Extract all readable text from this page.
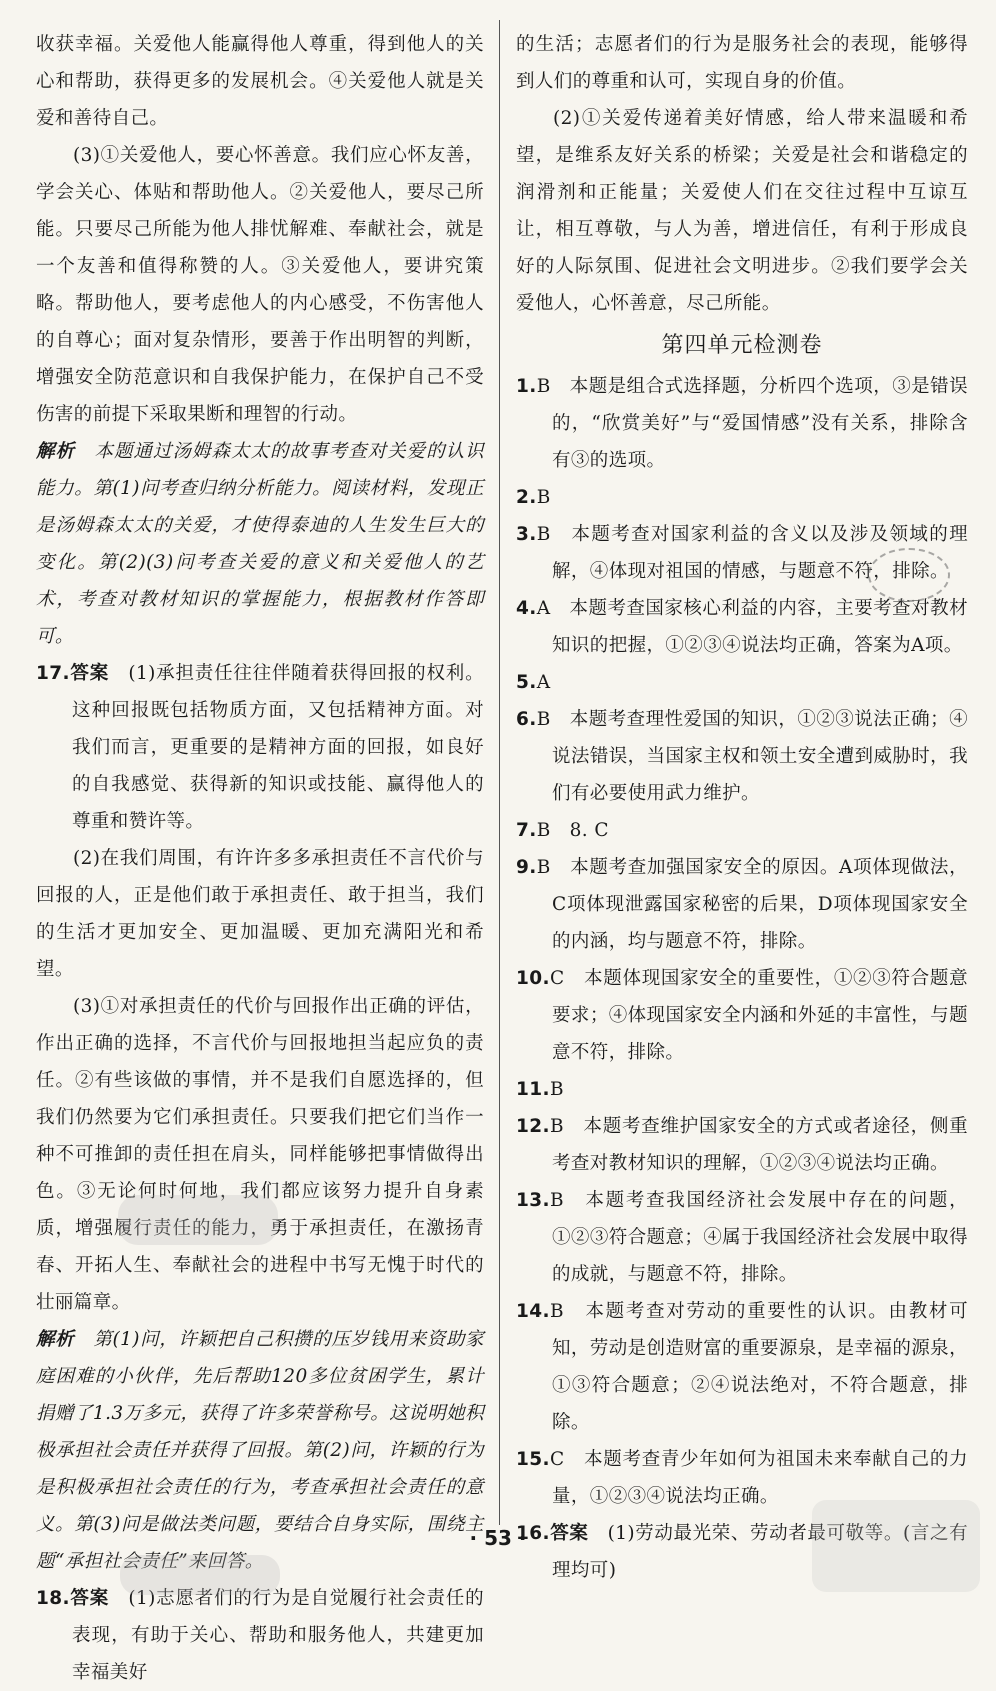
收获幸福。关爱他人能赢得他人尊重，得到他人的关心和帮助，获得更多的发展机会。④关爱他人就是关爱和善待自己。

(3)①关爱他人，要心怀善意。我们应心怀友善，学会关心、体贴和帮助他人。②关爱他人，要尽己所能。只要尽己所能为他人排忧解难、奉献社会，就是一个友善和值得称赞的人。③关爱他人，要讲究策略。帮助他人，要考虑他人的内心感受，不伤害他人的自尊心；面对复杂情形，要善于作出明智的判断，增强安全防范意识和自我保护能力，在保护自己不受伤害的前提下采取果断和理智的行动。

解析　 本题通过汤姆森太太的故事考查对关爱的认识能力。第(1)问考查归纳分析能力。阅读材料，发现正是汤姆森太太的关爱，才使得泰迪的人生发生巨大的变化。第(2)(3)问考查关爱的意义和关爱他人的艺术，考查对教材知识的掌握能力，根据教材作答即可。

17.答案　 (1)承担责任往往伴随着获得回报的权利。这种回报既包括物质方面，又包括精神方面。对我们而言，更重要的是精神方面的回报，如良好的自我感觉、获得新的知识或技能、赢得他人的尊重和赞许等。

(2)在我们周围，有许许多多承担责任不言代价与回报的人，正是他们敢于承担责任、敢于担当，我们的生活才更加安全、更加温暖、更加充满阳光和希望。

(3)①对承担责任的代价与回报作出正确的评估，作出正确的选择，不言代价与回报地担当起应负的责任。②有些该做的事情，并不是我们自愿选择的，但我们仍然要为它们承担责任。只要我们把它们当作一种不可推卸的责任担在肩头，同样能够把事情做得出色。③无论何时何地，我们都应该努力提升自身素质，增强履行责任的能力，勇于承担责任，在激扬青春、开拓人生、奉献社会的进程中书写无愧于时代的壮丽篇章。

解析　 第(1)问，许颖把自己积攒的压岁钱用来资助家庭困难的小伙伴，先后帮助120多位贫困学生，累计捐赠了1.3万多元，获得了许多荣誉称号。这说明她积极承担社会责任并获得了回报。第(2)问，许颖的行为是积极承担社会责任的行为，考查承担社会责任的意义。第(3)问是做法类问题，要结合自身实际，围绕主题“承担社会责任”来回答。

18.答案　 (1)志愿者们的行为是自觉履行社会责任的表现，有助于关心、帮助和服务他人，共建更加幸福美好

的生活；志愿者们的行为是服务社会的表现，能够得到人们的尊重和认可，实现自身的价值。

(2)①关爱传递着美好情感，给人带来温暖和希望，是维系友好关系的桥梁；关爱是社会和谐稳定的润滑剂和正能量；关爱使人们在交往过程中互谅互让，相互尊敬，与人为善，增进信任，有利于形成良好的人际氛围、促进社会文明进步。②我们要学会关爱他人，心怀善意，尽己所能。

第四单元检测卷

1.B　本题是组合式选择题，分析四个选项，③是错误的，“欣赏美好”与“爱国情感”没有关系，排除含有③的选项。

2.B

3.B　本题考查对国家利益的含义以及涉及领域的理解，④体现对祖国的情感，与题意不符，排除。

4.A　本题考查国家核心利益的内容，主要考查对教材知识的把握，①②③④说法均正确，答案为A项。

5.A

6.B　本题考查理性爱国的知识，①②③说法正确；④说法错误，当国家主权和领土安全遭到威胁时，我们有必要使用武力维护。

7.B　8. C

9.B　本题考查加强国家安全的原因。A项体现做法，C项体现泄露国家秘密的后果，D项体现国家安全的内涵，均与题意不符，排除。

10.C　本题体现国家安全的重要性，①②③符合题意要求；④体现国家安全内涵和外延的丰富性，与题意不符，排除。

11.B

12.B　本题考查维护国家安全的方式或者途径，侧重考查对教材知识的理解，①②③④说法均正确。

13.B　本题考查我国经济社会发展中存在的问题，①②③符合题意；④属于我国经济社会发展中取得的成就，与题意不符，排除。

14.B　本题考查对劳动的重要性的认识。由教材可知，劳动是创造财富的重要源泉，是幸福的源泉，①③符合题意；②④说法绝对，不符合题意，排除。

15.C　本题考查青少年如何为祖国未来奉献自己的力量，①②③④说法均正确。

16.答案　 (1)劳动最光荣、劳动者最可敬等。(言之有理均可)

· 53 ·
